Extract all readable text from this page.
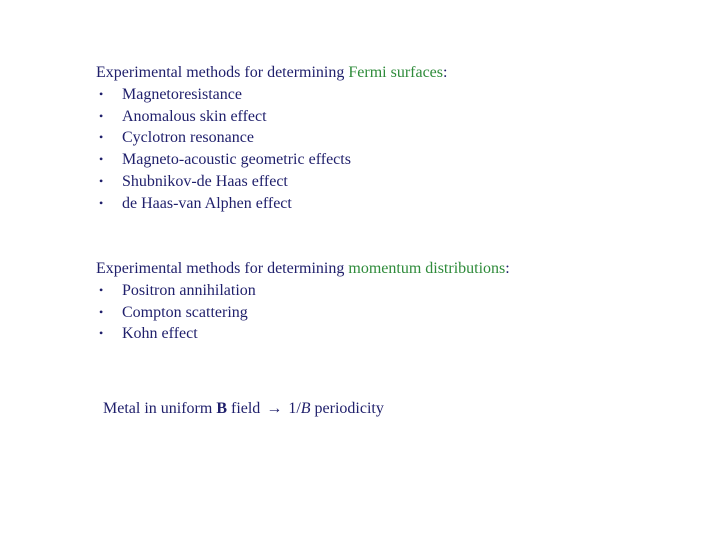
Experimental methods for determining Fermi surfaces:
• Magnetoresistance
• Anomalous skin effect
• Cyclotron resonance
• Magneto-acoustic geometric effects
• Shubnikov-de Haas effect
• de Haas-van Alphen effect
Experimental methods for determining momentum distributions:
• Positron annihilation
• Compton scattering
• Kohn effect
Metal in uniform B field → 1/B periodicity
